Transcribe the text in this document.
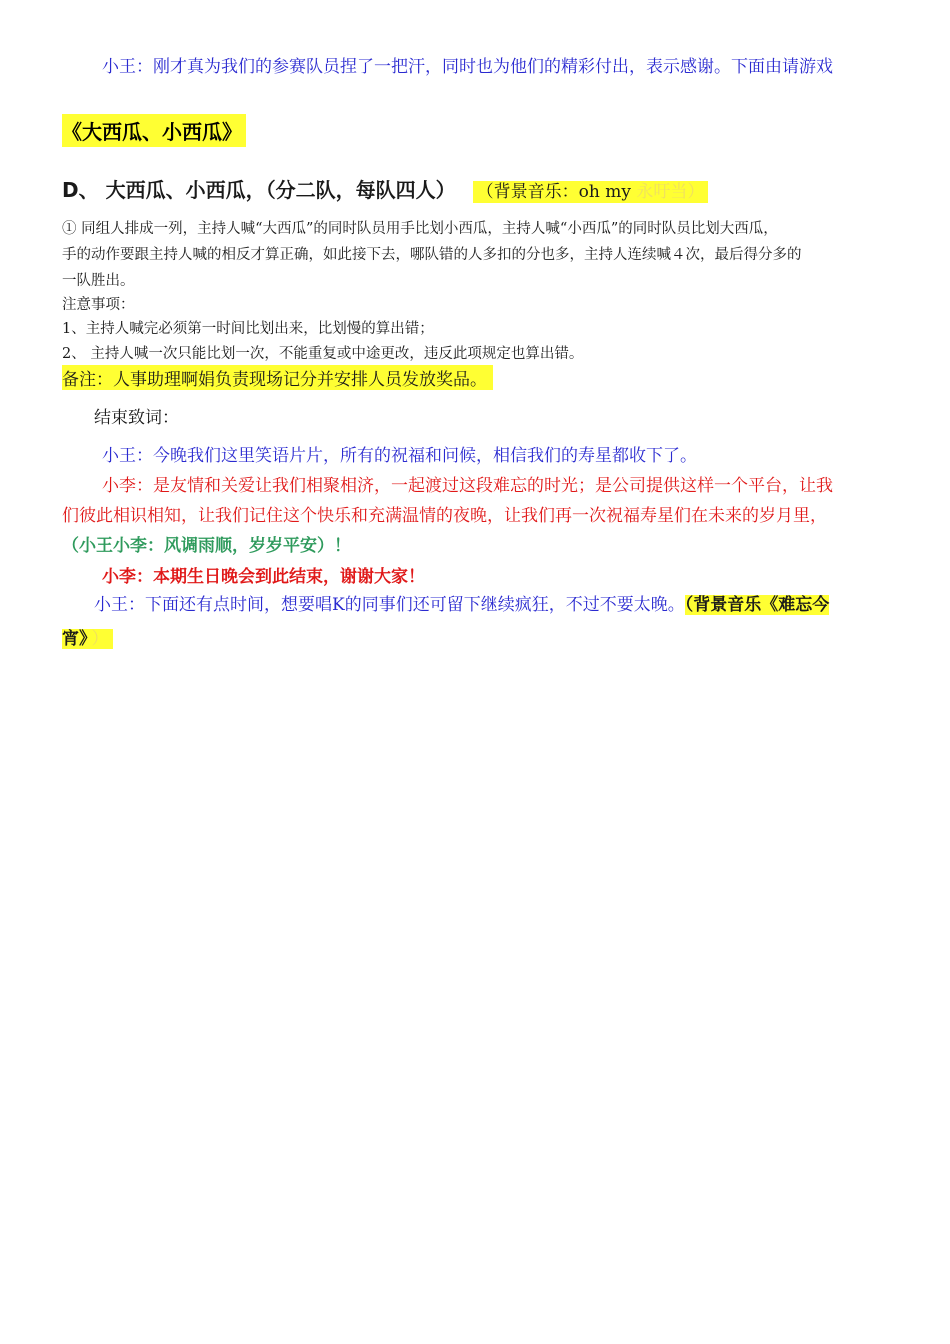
小王：刚才真为我们的参赛队员捏了一把汗，同时也为他们的精彩付出，表示感谢。下面由请游戏
《大西瓜、小西瓜》
D、 大西瓜、小西瓜，（分二队，每队四人） （背景音乐：oh my 永吁当）
① 同组人排成一列，主持人喊“大西瓜”的同时队员用手比划小西瓜，主持人喊“小西瓜”的同时队员比划大西瓜，
手的动作要跟主持人喊的相反才算正确，如此接下去，哪队错的人多扣的分也多，主持人连续喊４次，最后得分多的
一队胜出。
注意事项：
1、主持人喊完必须第一时间比划出来，比划慢的算出错；
2、 主持人喊一次只能比划一次，不能重复或中途更改，违反此项规定也算出错。
备注：人事助理啊娟负责现场记分并安排人员发放奖品。
结束致词：
小王：今晚我们这里笑语片片，所有的祝福和问候，相信我们的寿星都收下了。
小李：是友情和关爱让我们相聚相济，一起渡过这段难忘的时光；是公司提供这样一个平台，让我
们彼此相识相知，让我们记住这个快乐和充满温情的夜晚，让我们再一次祝福寿星们在未来的岁月里，
（小王小李：风调雨顺，岁岁平安）！
小李：本期生日晚会到此结束，谢谢大家！
小王：下面还有点时间，想要唱K的同事们还可留下继续疯狂，不过不要太晚。（背景音乐《难忘今
宵》 ）
